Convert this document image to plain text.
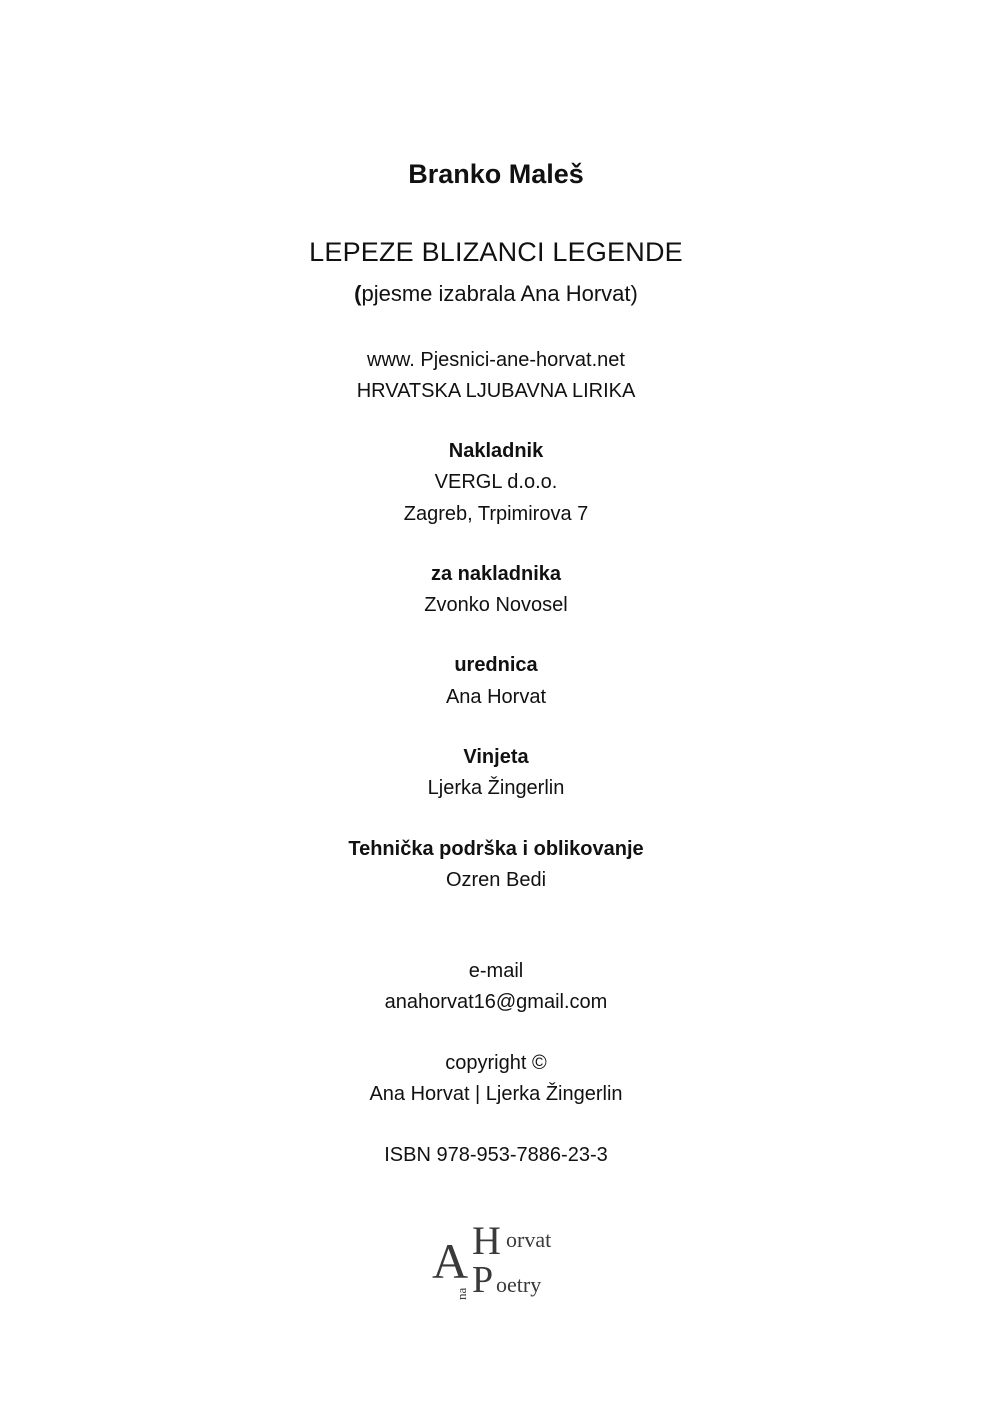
Branko Maleš
LEPEZE BLIZANCI LEGENDE
(pjesme izabrala Ana Horvat)
www. Pjesnici-ane-horvat.net
HRVATSKA LJUBAVNA LIRIKA
Nakladnik
VERGL d.o.o.
Zagreb, Trpimirova 7
za nakladnika
Zvonko Novosel
urednica
Ana Horvat
Vinjeta
Ljerka Žingerlin
Tehnička podrška i oblikovanje
Ozren Bedi
e-mail
anahorvat16@gmail.com
copyright ©
Ana Horvat | Ljerka Žingerlin
ISBN 978-953-7886-23-3
A H orvat
P oetry
na
